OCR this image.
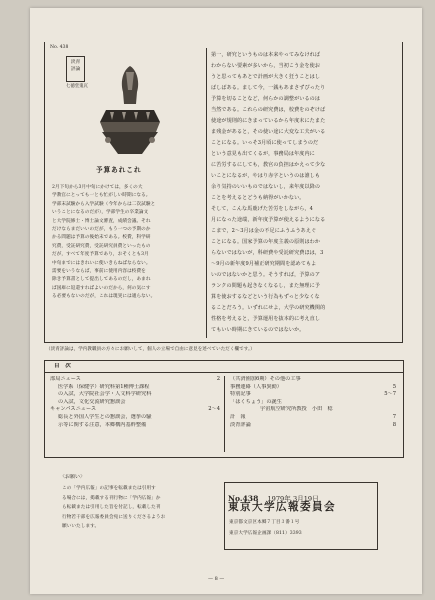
No. 438
淡青評論
七徳堂鬼瓦
予算あれこれ
2月下旬から3月中旬にかけては，多くの大
学教官にとっても一とも忙がしい時期になる。
学部末試験から入学試験（今年からは二次試験と
いうことになるのだが），学部学生の卒業論文
と大学院修士・博士論文審査，成績会議。それ
だけならまだいいのだが，もう一つの予期のか
かる問題は予算の後始末である。校費，科学研
究費，受託研究費，受託研究員費といったもの
だが，すべて年度予算であり，おそくとも3月
中旬までにはきれいに使いきらねばならない。
需要をいうならば，事前に使用内容は校費を
除き予算書として提出してあるのだし，あまれ
ば国庫に返還すればよいのだから，何の気にす
る必要もないのだが，これは現実には適らない。
第一，研究というものは本来やってみなければ
わからない要素が多いから，当初こう金を使お
うと思ってもあとで計画が大きく狂うことはし
ばしばある。まして今，一銭もあまさずぴったり
予算を切ることなど，何らかの調整がいるのは
当然である。これらの研究費は，校費をのぞけば
使途が規則的にきまっているから年度末にたまた
ま残金があると，その使い途に大変な工夫がいる
ことになる。いっそ3月頃に使ってしまうのだ
という意見も出てくるが，事務局は年度内に
に苦労するにしても，教官の負担はかえって少な
いことになるが，やはり赤字というのは誰しも
余り気持のいいものではないし，来年度以降の
ことを考えるとどうも納得がいかない。
そして，こんな馬鹿げた苦労をしながら，4
月になった途端，新年度予算が使えるようになる
こまで，2〜3月は金の不足にふうふうあえぐ
ことになる。国家予算の年度主義の原則はわか
らないではないが，科研費や受託研究費ほは，3
〜9月の新年度9月補正研究期間を認めてもよ
いのではないかと思う。そうすれば，予算のア
ランクの問題も起きなくなるし，また無理に予
算を使おするなどという行為もずっと少なくな
ることだろう。いずれにせよ，大学の研究機関的
性格を考えると，予算運用を抜本的に考え直し
てもいい時期にきているのではないか。
（淡青評論は，学内教職員の方々にお願いして，個人の立場で自由に意見を述べていただく欄です。）
目　次
部局ニュース	2
医学系（保健学）研究科第1種博士課程
の入試，大学院社会学・人文科学研究科
の入試，文化交流研究懇談会
キャンパスニュース	2〜4
総長と外国人学生との懇談会，選挙の騒
示等に関する注意，本郷構内基幹整備
（共済圏加6期）その他の工事
事務連絡（人事異動）	5
特別記事	5〜7
「はくちょう」の誕生
宇宙航空研究所教授　小田　稔
計　報	7
淡青評論	8
〈お願い〉
この「学内広報」の記事を転載または引用す
る場合には，掲載する刊行物に「学内広報」か
ら転載または引用した旨を付記し，転載した刊
行物若干部を広報委員会宛に送りくださるようお
願いいたします。
No.438 1979年 3月19日
東京大学広報委員会
東京都文京区本郷７丁目３番１号
東京大学広報企画課（811）3393
— 8 —
